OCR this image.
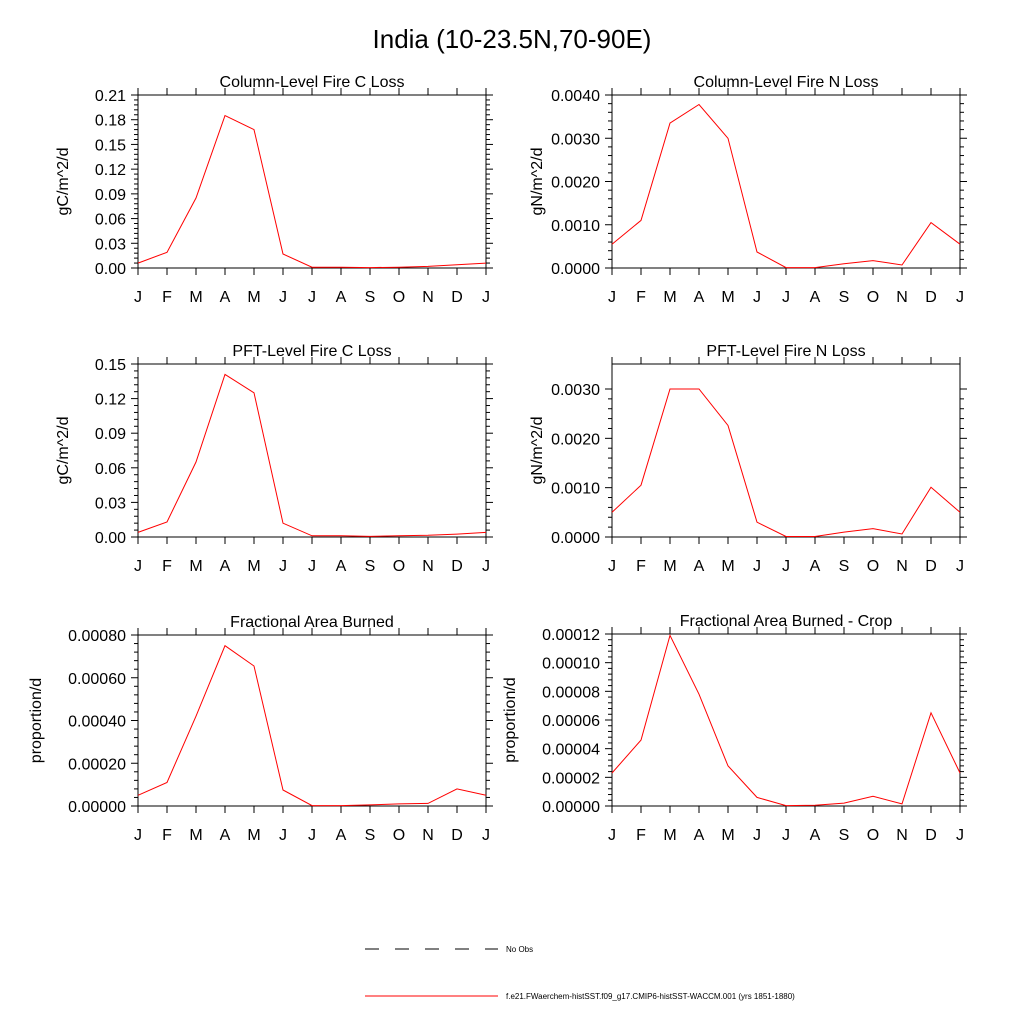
India (10-23.5N,70-90E)
Column-Level Fire C Loss
gC/m^2/d
0.00
0.03
0.06
0.09
0.12
0.15
0.18
0.21
J F M A M J J A S O N D J
Column-Level Fire N Loss
gN/m^2/d
0.0000
0.0010
0.0020
0.0030
0.0040
J F M A M J J A S O N D J
PFT-Level Fire C Loss
gC/m^2/d
0.00
0.03
0.06
0.09
0.12
0.15
J F M A M J J A S O N D J
PFT-Level Fire N Loss
gN/m^2/d
0.0000
0.0010
0.0020
0.0030
J F M A M J J A S O N D J
Fractional Area Burned
proportion/d
0.00000
0.00020
0.00040
0.00060
0.00080
J F M A M J J A S O N D J
Fractional Area Burned - Crop
proportion/d
0.00000
0.00002
0.00004
0.00006
0.00008
0.00010
0.00012
J F M A M J J A S O N D J
No Obs
f.e21.FWaerchem-histSST.f09_g17.CMIP6-histSST-WACCM.001 (yrs 1851-1880)
